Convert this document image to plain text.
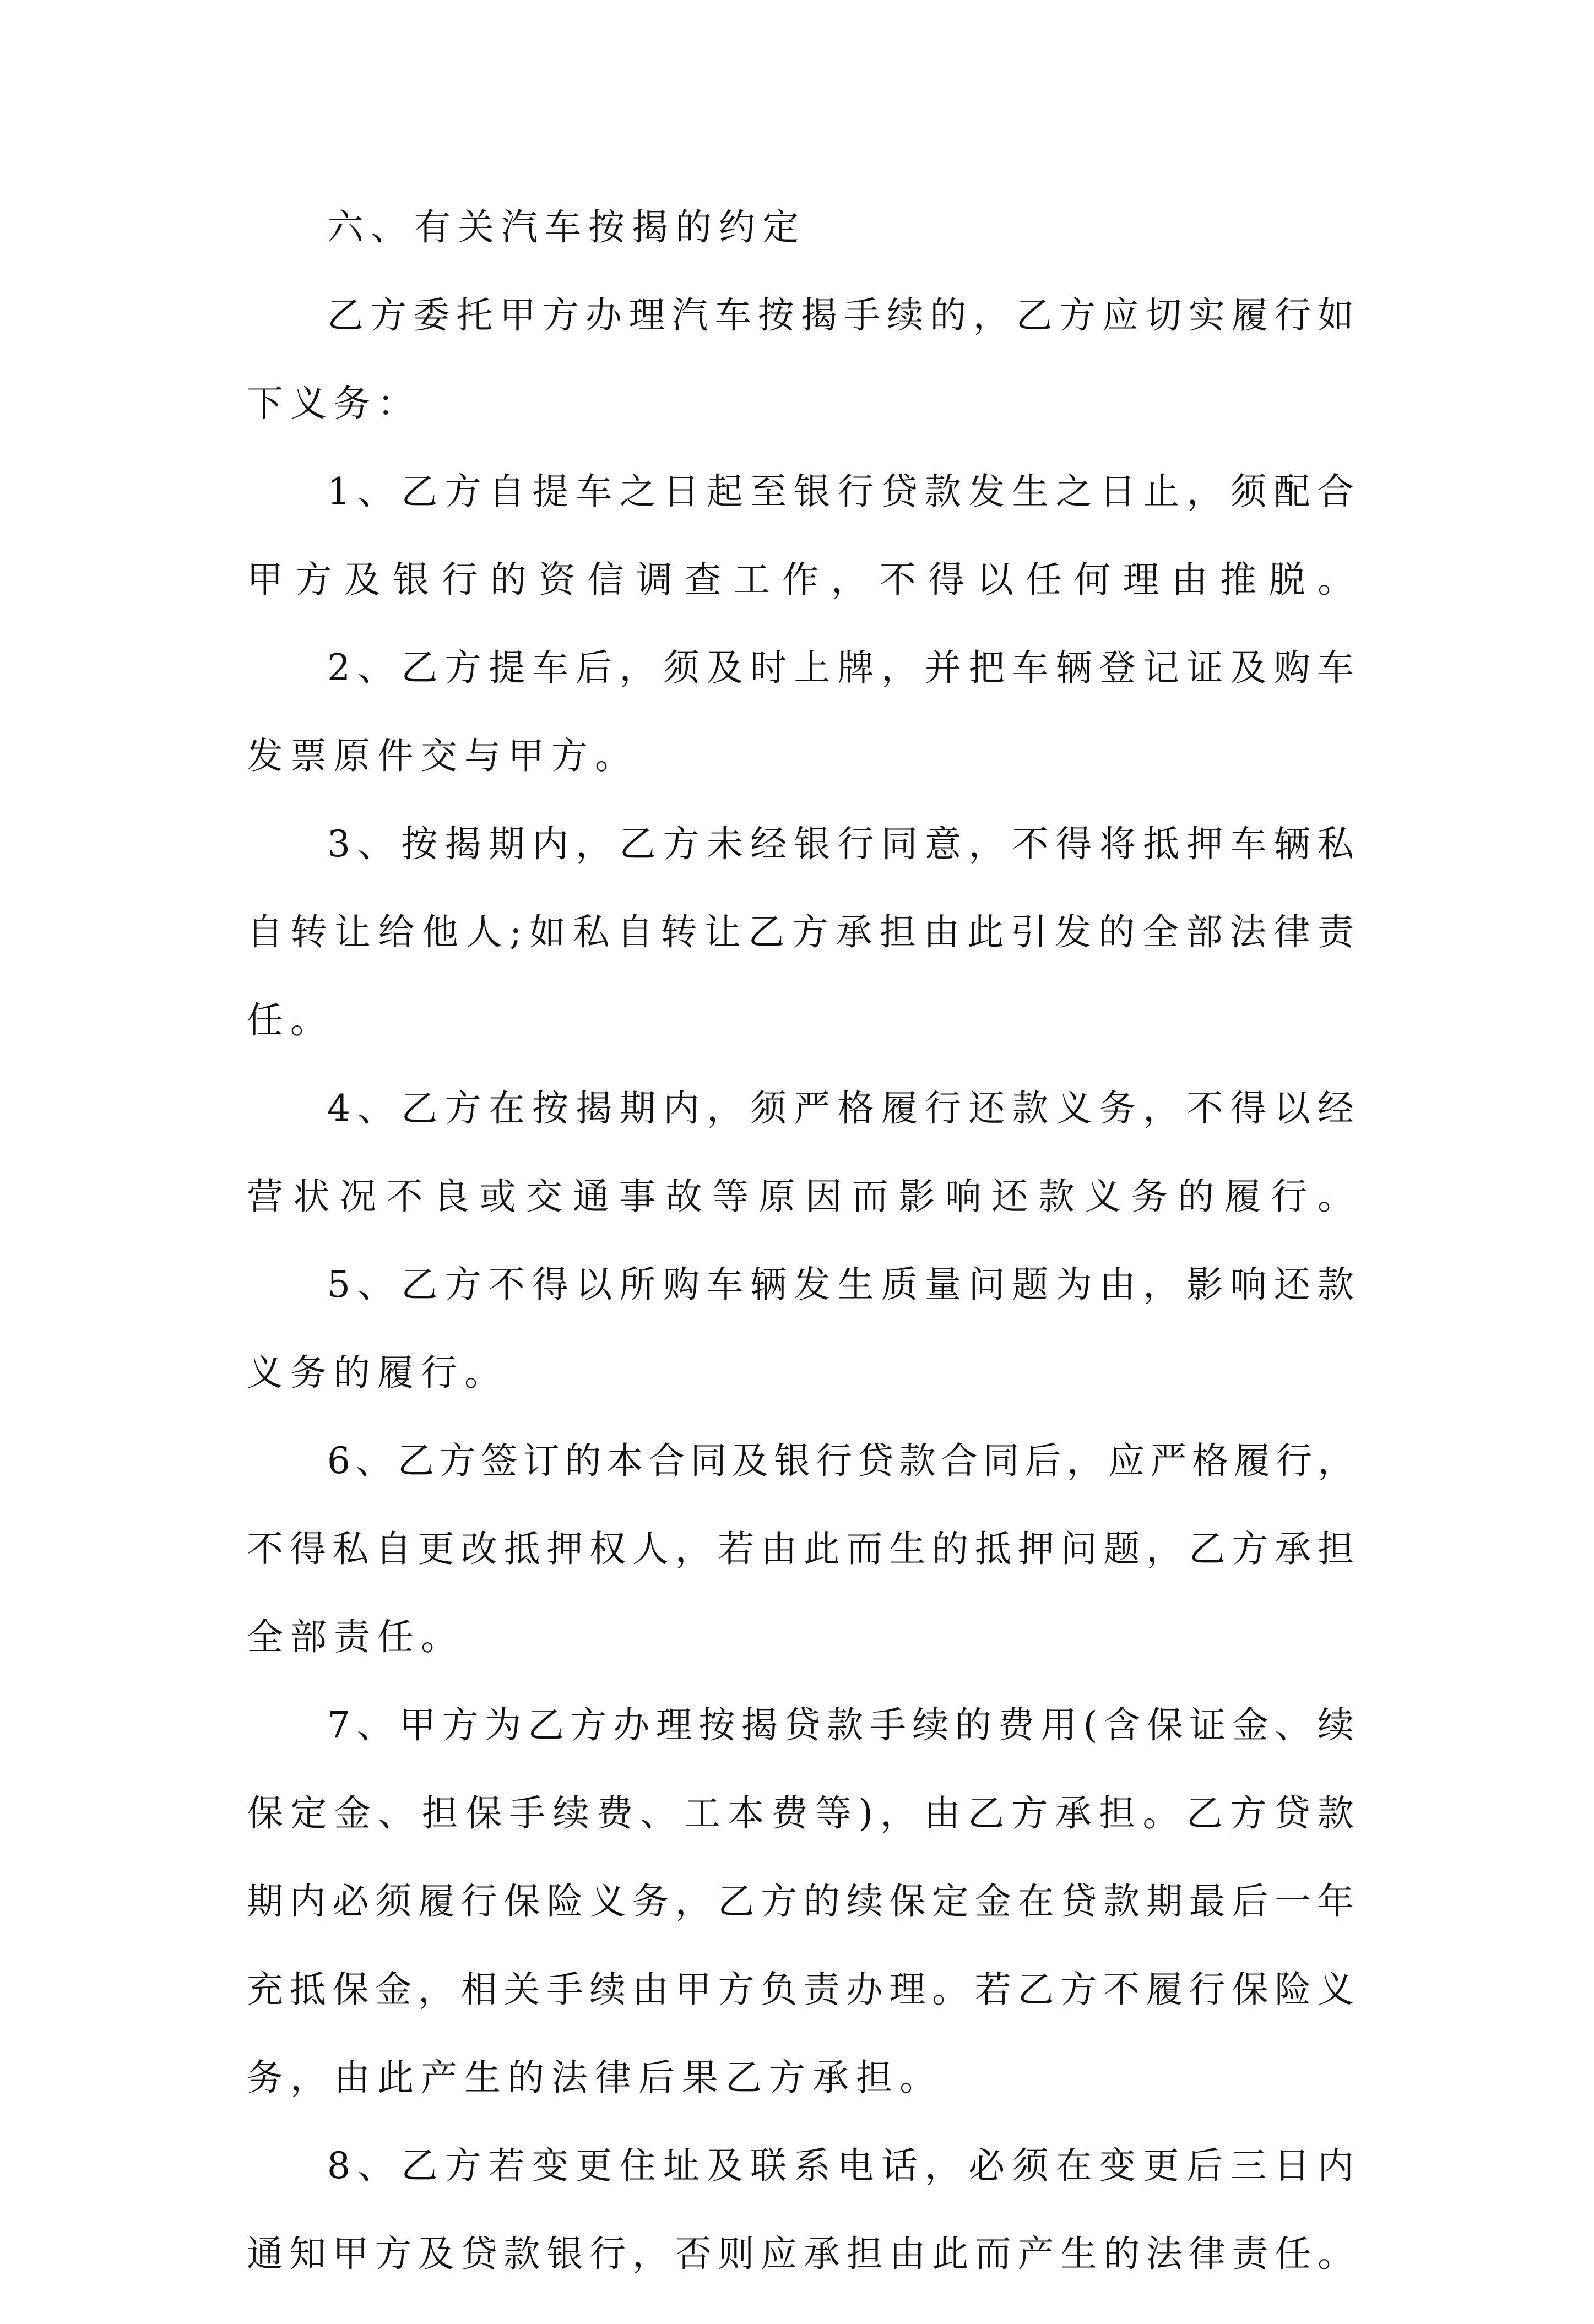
六、有关汽车按揭的约定
乙方委托甲方办理汽车按揭手续的，乙方应切实履行如
下义务：
1、乙方自提车之日起至银行贷款发生之日止，须配合
甲方及银行的资信调查工作，不得以任何理由推脱。
2、乙方提车后，须及时上牌，并把车辆登记证及购车
发票原件交与甲方。
3、按揭期内，乙方未经银行同意，不得将抵押车辆私
自转让给他人;如私自转让乙方承担由此引发的全部法律责
任。
4、乙方在按揭期内，须严格履行还款义务，不得以经
营状况不良或交通事故等原因而影响还款义务的履行。
5、乙方不得以所购车辆发生质量问题为由，影响还款
义务的履行。
6、乙方签订的本合同及银行贷款合同后，应严格履行，
不得私自更改抵押权人，若由此而生的抵押问题，乙方承担
全部责任。
7、甲方为乙方办理按揭贷款手续的费用(含保证金、续
保定金、担保手续费、工本费等)，由乙方承担。乙方贷款
期内必须履行保险义务，乙方的续保定金在贷款期最后一年
充抵保金，相关手续由甲方负责办理。若乙方不履行保险义
务，由此产生的法律后果乙方承担。
8、乙方若变更住址及联系电话，必须在变更后三日内
通知甲方及贷款银行，否则应承担由此而产生的法律责任。
